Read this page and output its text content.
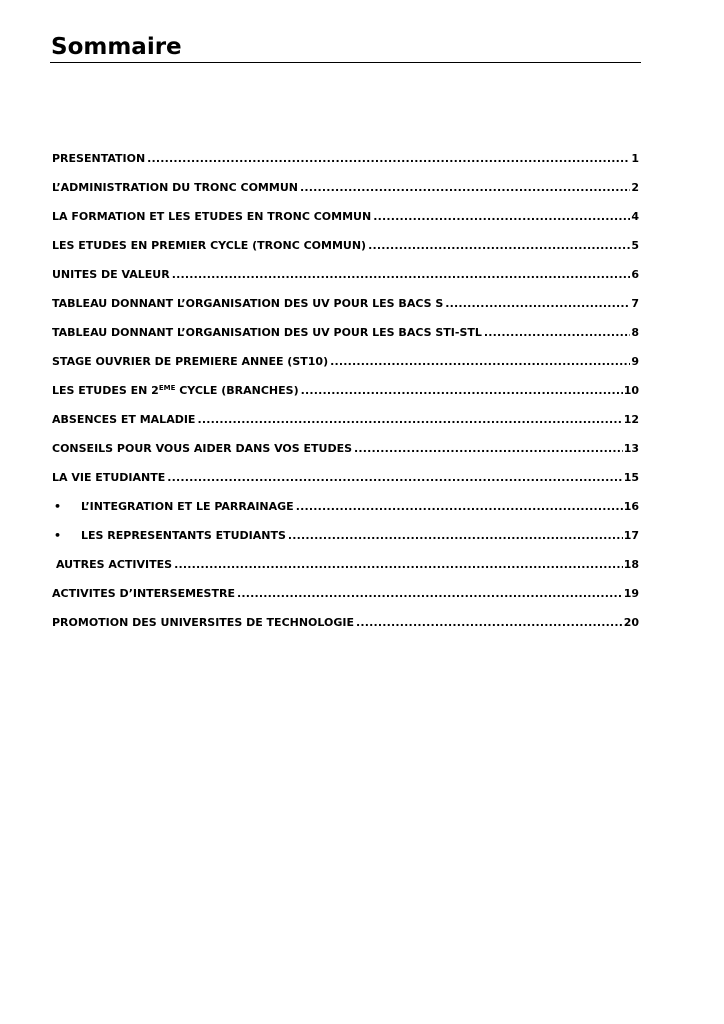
Sommaire
PRESENTATION .....	1
L’ADMINISTRATION DU TRONC COMMUN .....	2
LA FORMATION ET LES ETUDES EN TRONC COMMUN .....	4
LES ETUDES EN PREMIER CYCLE (TRONC COMMUN) .....	5
UNITES DE VALEUR .....	6
TABLEAU DONNANT L’ORGANISATION DES UV POUR LES BACS S .....	7
TABLEAU DONNANT L’ORGANISATION DES UV POUR LES BACS STI-STL .....	8
STAGE OUVRIER DE PREMIERE ANNEE (ST10) .....	9
LES ETUDES EN 2EME CYCLE (BRANCHES) .....	10
ABSENCES ET MALADIE .....	12
CONSEILS POUR VOUS AIDER DANS VOS ETUDES .....	13
LA VIE ETUDIANTE .....	15
•	L’INTEGRATION ET LE PARRAINAGE .....	16
•	LES REPRESENTANTS ETUDIANTS .....	17
AUTRES ACTIVITES .....	18
ACTIVITES D’INTERSEMESTRE .....	19
PROMOTION DES UNIVERSITES DE TECHNOLOGIE .....	20
